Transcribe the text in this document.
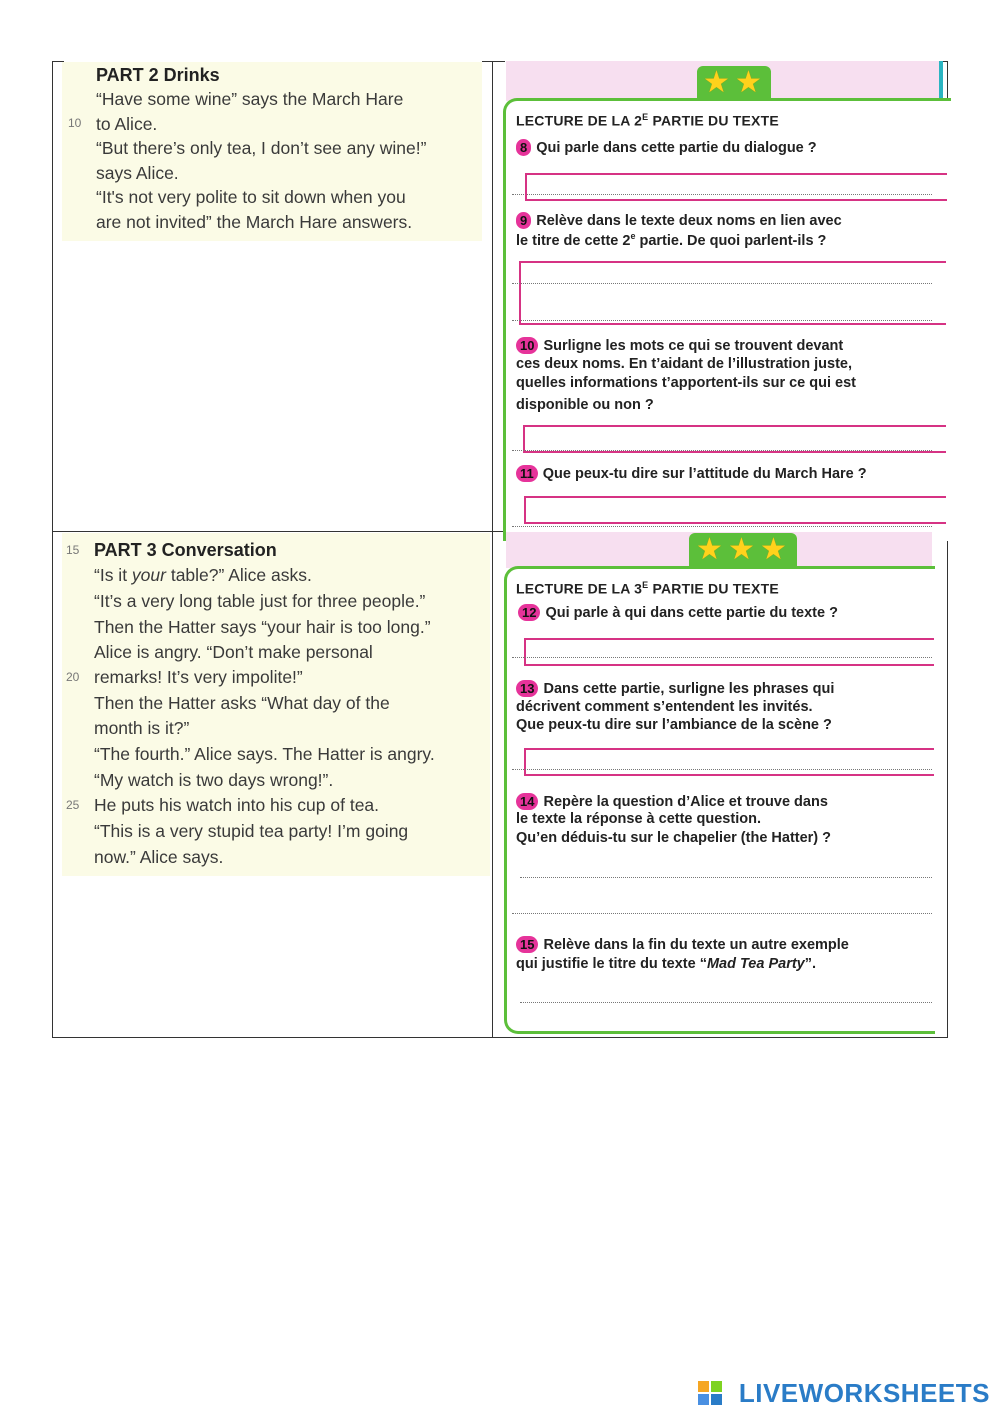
PART 2 Drinks
“Have some wine” says the March Hare
10 to Alice.
“But there’s only tea, I don’t see any wine!”
says Alice.
“It's not very polite to sit down when you
are not invited” the March Hare answers.
15 PART 3 Conversation
“Is it your table?” Alice asks.
“It’s a very long table just for three people.”
Then the Hatter says “your hair is too long.”
Alice is angry. “Don’t make personal
20 remarks! It’s very impolite!”
Then the Hatter asks “What day of the
month is it?”
“The fourth.” Alice says. The Hatter is angry.
“My watch is two days wrong!”.
25 He puts his watch into his cup of tea.
“This is a very stupid tea party! I’m going
now.” Alice says.
★ ★
LECTURE DE LA $2^E$ PARTIE DU TEXTE
8 Qui parle dans cette partie du dialogue ?
9 Relève dans le texte deux noms en lien avec
le titre de cette 2e partie. De quoi parlent-ils ?
10 Surligne les mots ce qui se trouvent devant
ces deux noms. En t’aidant de l’illustration juste,
quelles informations t’apportent-ils sur ce qui est
disponible ou non ?
11 Que peux-tu dire sur l’attitude du March Hare ?
★ ★ ★
LECTURE DE LA $3^E$ PARTIE DU TEXTE
12 Qui parle à qui dans cette partie du texte ?
13 Dans cette partie, surligne les phrases qui
décrivent comment s’entendent les invités.
Que peux-tu dire sur l’ambiance de la scène ?
14 Repère la question d’Alice et trouve dans
le texte la réponse à cette question.
Qu’en déduis-tu sur le chapelier (the Hatter) ?
15 Relève dans la fin du texte un autre exemple
qui justifie le titre du texte “Mad Tea Party”.
LIVEWORKSHEETS
